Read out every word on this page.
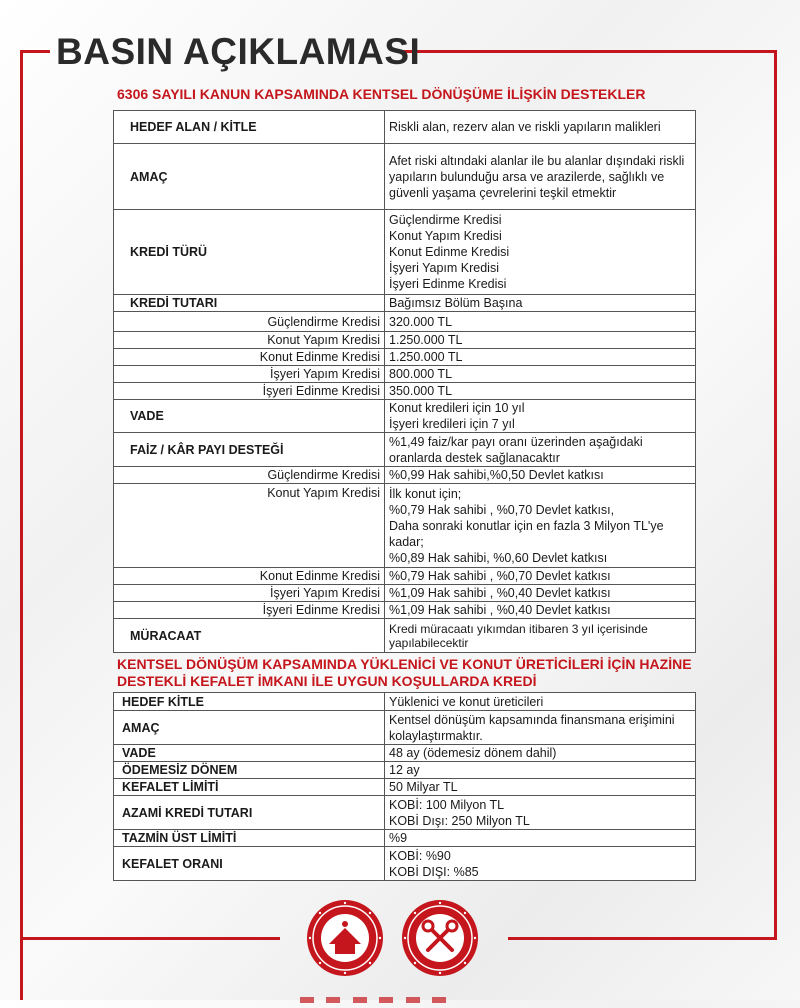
BASIN AÇIKLAMASI
6306 SAYILI KANUN KAPSAMINDA KENTSEL DÖNÜŞÜME İLİŞKİN DESTEKLER
HEDEF ALAN / KİTLE	Riskli alan, rezerv alan ve riskli yapıların malikleri
AMAÇ	Afet riski altındaki alanlar ile bu alanlar dışındaki riskli yapıların bulunduğu arsa ve arazilerde, sağlıklı ve güvenli yaşama çevrelerini teşkil etmektir
KREDİ TÜRÜ	Güçlendirme Kredisi
Konut Yapım Kredisi
Konut Edinme Kredisi
İşyeri Yapım Kredisi
İşyeri Edinme Kredisi

KREDİ TUTARI	Bağımsız Bölüm Başına
Güçlendirme Kredisi	320.000 TL
Konut Yapım Kredisi	1.250.000 TL
Konut Edinme Kredisi	1.250.000 TL
İşyeri Yapım Kredisi	800.000 TL
İşyeri Edinme Kredisi	350.000 TL
VADE	Konut kredileri için 10 yıl
İşyeri kredileri için 7 yıl

FAİZ / KÂR PAYI DESTEĞİ	%1,49 faiz/kar payı oranı üzerinden aşağıdaki oranlarda destek sağlanacaktır
Güçlendirme Kredisi	%0,99 Hak sahibi,%0,50 Devlet katkısı
Konut Yapım Kredisi	İlk konut için;
%0,79 Hak sahibi , %0,70 Devlet katkısı,
Daha sonraki konutlar için en fazla 3 Milyon TL'ye kadar;
%0,89 Hak sahibi, %0,60 Devlet katkısı

Konut Edinme Kredisi	%0,79 Hak sahibi , %0,70 Devlet katkısı
İşyeri Yapım Kredisi	%1,09 Hak sahibi , %0,40 Devlet katkısı
İşyeri Edinme Kredisi	%1,09 Hak sahibi , %0,40 Devlet katkısı
MÜRACAAT	Kredi müracaatı yıkımdan itibaren 3 yıl içerisinde yapılabilecektir
KENTSEL DÖNÜŞÜM KAPSAMINDA YÜKLENİCİ VE KONUT ÜRETİCİLERİ İÇİN HAZİNE DESTEKLİ KEFALET İMKANI İLE UYGUN KOŞULLARDA KREDİ
HEDEF KİTLE	Yüklenici ve konut üreticileri
AMAÇ	Kentsel dönüşüm kapsamında finansmana erişimini kolaylaştırmaktır.
VADE	48 ay (ödemesiz dönem dahil)
ÖDEMESİZ DÖNEM	12 ay
KEFALET LİMİTİ	50 Milyar TL
AZAMİ KREDİ TUTARI	KOBİ: 100 Milyon TL
KOBİ Dışı: 250 Milyon TL

TAZMİN ÜST LİMİTİ	%9
KEFALET ORANI	KOBİ: %90
KOBİ DIŞI: %85
